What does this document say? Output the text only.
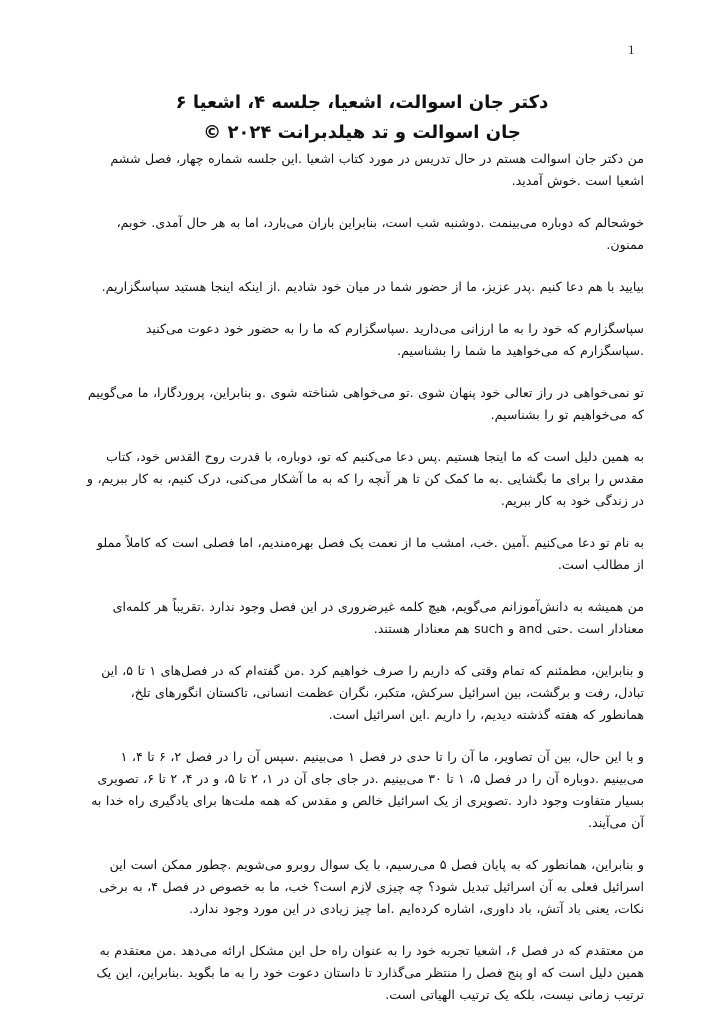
1

دکتر جان اسوالت، اشعیا، جلسه ۴، اشعیا ۶

جان اسوالت و تد هیلدبرانت ۲۰۲۴ ©

من دکتر جان اسوالت هستم در حال تدریس در مورد کتاب اشعیا .این جلسه شماره چهار، فصل ششم اشعیا است .خوش آمدید.

خوشحالم که دوباره می‌بینمت .دوشنبه شب است، بنابراین باران می‌بارد، اما به هر حال آمدی. خوبم، ممنون.

بیایید با هم دعا کنیم .پدر عزیز، ما از حضور شما در میان خود شادیم .از اینکه اینجا هستید سپاسگزاریم.

سپاسگزارم که خود را به ما ارزانی می‌دارید .سپاسگزارم که ما را به حضور خود دعوت می‌کنید .سپاسگزارم که می‌خواهید ما شما را بشناسیم.

تو نمی‌خواهی در راز تعالی خود پنهان شوی .تو می‌خواهی شناخته شوی .و بنابراین، پروردگارا، ما می‌گوییم که می‌خواهیم تو را بشناسیم.

به همین دلیل است که ما اینجا هستیم .پس دعا می‌کنیم که تو، دوباره، با قدرت روح القدس خود، کتاب مقدس را برای ما بگشایی .به ما کمک کن تا هر آنچه را که به ما آشکار می‌کنی، درک کنیم، به کار ببریم، و در زندگی خود به کار ببریم.

به نام تو دعا می‌کنیم .آمین .خب، امشب ما از نعمت یک فصل بهره‌مندیم، اما فصلی است که کاملاً مملو از مطالب است.

من همیشه به دانش‌آموزانم می‌گویم، هیچ کلمه غیرضروری در این فصل وجود ندارد .تقریباً هر کلمه‌ای معنادار است .حتی and و such هم معنادار هستند.

و بنابراین، مطمئنم که تمام وقتی که داریم را صرف خواهیم کرد .من گفته‌ام که در فصل‌های ۱ تا ۵، این تبادل، رفت و برگشت، بین اسرائیل سرکش، متکبر، نگران عظمت انسانی، تاکستان انگورهای تلخ، همانطور که هفته گذشته دیدیم، را داریم .این اسرائیل است.

و با این حال، بین آن تصاویر، ما آن را تا حدی در فصل ۱ می‌بینیم .سپس آن را در فصل ۲، ۶ تا ۴، ۱ می‌بینیم .دوباره آن را در فصل ۵، ۱ تا ۳۰ می‌بینیم .در جای جای آن در ۱، ۲ تا ۵، و در ۴، ۲ تا ۶، تصویری بسیار متفاوت وجود دارد .تصویری از یک اسرائیل خالص و مقدس که همه ملت‌ها برای یادگیری راه خدا به آن می‌آیند.

و بنابراین، همانطور که به پایان فصل ۵ می‌رسیم، با یک سوال روبرو می‌شویم .چطور ممکن است این اسرائیل فعلی به آن اسرائیل تبدیل شود؟ چه چیزی لازم است؟ خب، ما به خصوص در فصل ۴، به برخی نکات، یعنی باد آتش، باد داوری، اشاره کرده‌ایم .اما چیز زیادی در این مورد وجود ندارد.

من معتقدم که در فصل ۶، اشعیا تجربه خود را به عنوان راه حل این مشکل ارائه می‌دهد .من معتقدم به همین دلیل است که او پنج فصل را منتظر می‌گذارد تا داستان دعوت خود را به ما بگوید .بنابراین، این یک ترتیب زمانی نیست، بلکه یک ترتیب الهیاتی است.
